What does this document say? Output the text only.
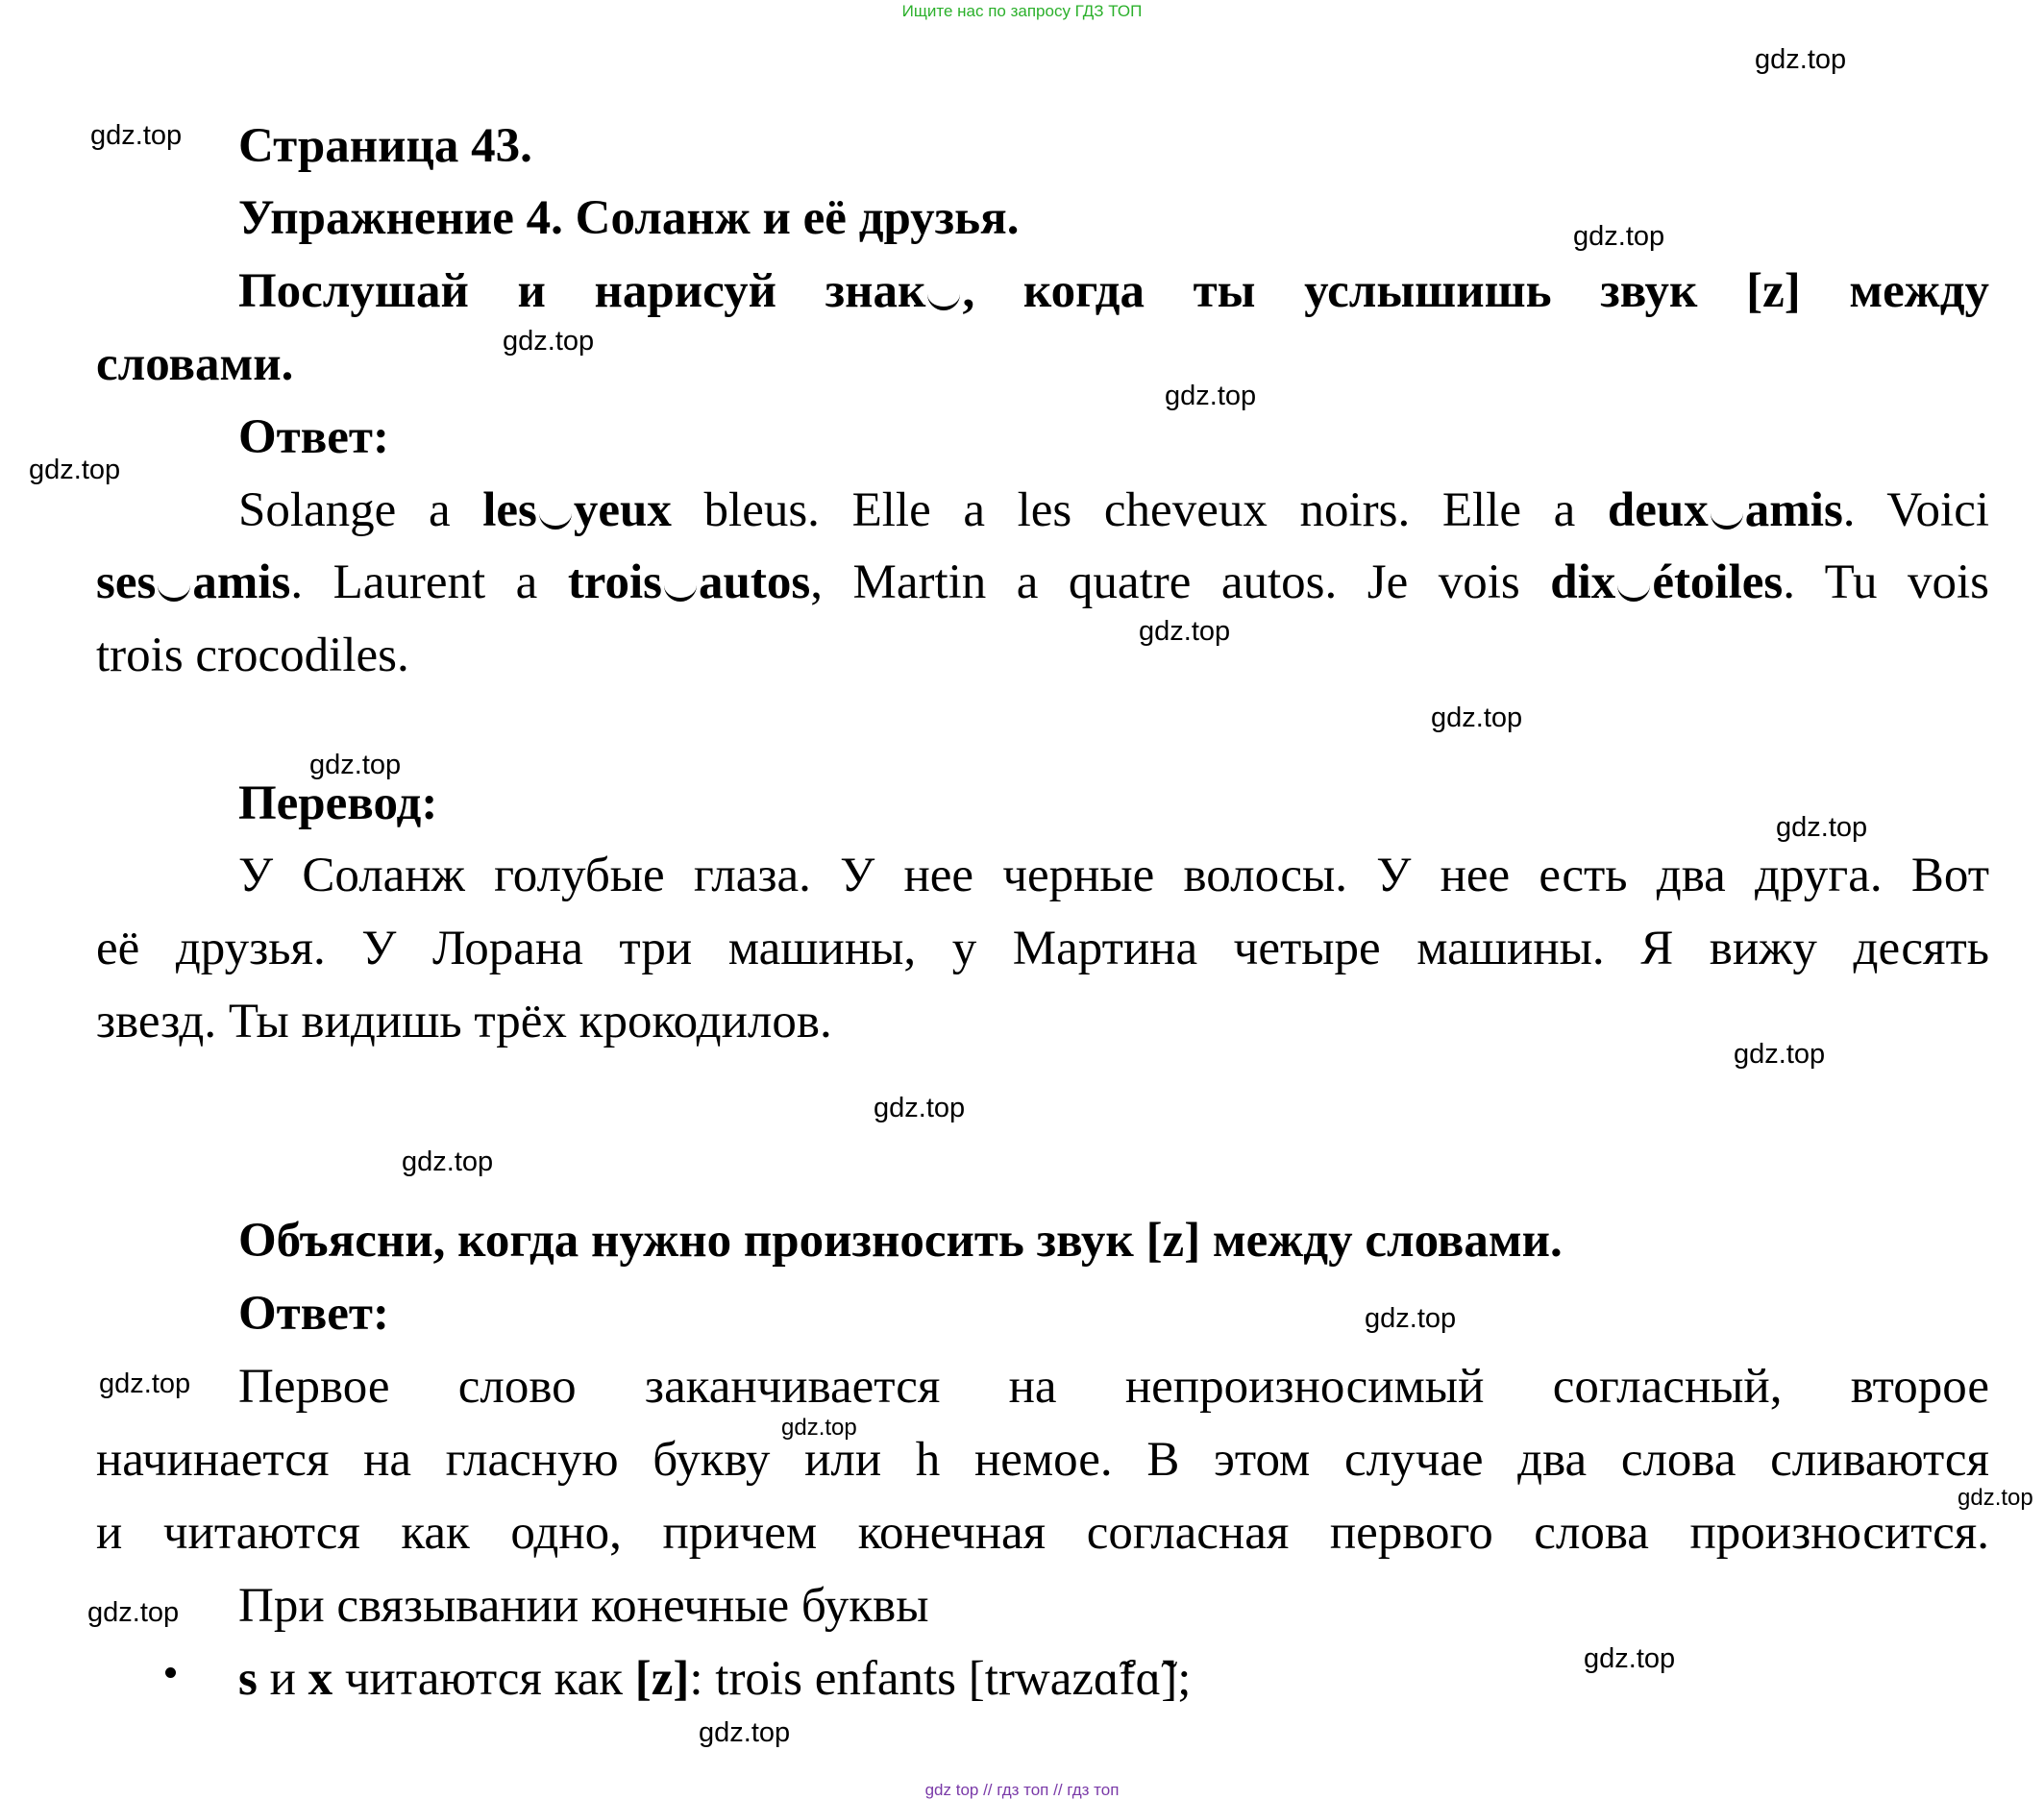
Ищите нас по запросу ГДЗ ТОП
gdz.top
gdz.top
gdz.top
gdz.top
gdz.top
gdz.top
gdz.top
gdz.top
gdz.top
gdz.top
gdz.top
gdz.top
gdz.top
gdz.top
gdz.top
gdz.top
gdz.top
gdz.top
gdz.top
gdz.top
Страница 43.
Упражнение 4. Соланж и её друзья.
Послушай и нарисуй знак , когда ты услышишь звук [z] между
словами.
Ответ:
Solange a les yeux bleus. Elle a les cheveux noirs. Elle a deux amis. Voici
ses amis. Laurent a trois autos, Martin a quatre autos. Je vois dix étoiles. Tu vois
trois crocodiles.
Перевод:
У Соланж голубые глаза. У нее черные волосы. У нее есть два друга. Вот
её друзья. У Лорана три машины, у Мартина четыре машины. Я вижу десять
звезд. Ты видишь трёх крокодилов.
Объясни, когда нужно произносить звук [z] между словами.
Ответ:
Первое слово заканчивается на непроизносимый согласный, второе
начинается на гласную букву или h немое. В этом случае два слова сливаются
и читаются как одно, причем конечная согласная первого слова произносится.
При связывании конечные буквы
s и x читаются как [z]: trois enfants [trwazɑ̃fɑ̃];
gdz top // гдз топ // гдз топ
